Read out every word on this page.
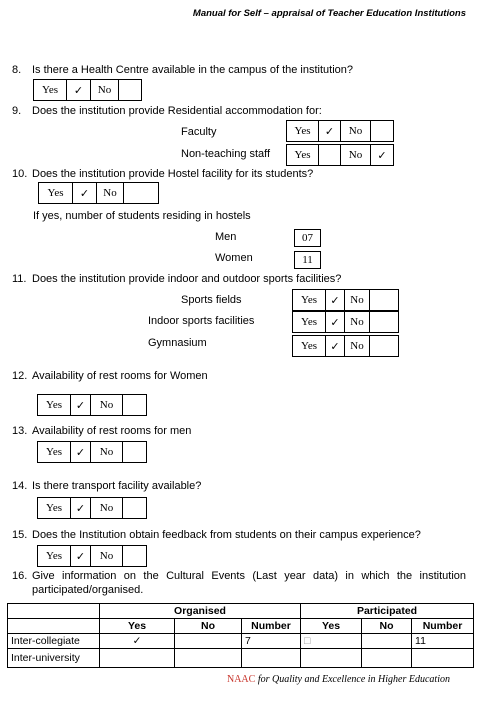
Manual for Self – appraisal of Teacher Education Institutions
8. Is there a Health Centre available in the campus of the institution?
Yes	✓	No
9. Does the institution provide Residential accommodation for:
Faculty	Yes	✓	No
Non-teaching staff	Yes	No	✓
10. Does the institution provide Hostel facility for its students?
Yes	✓	No
If yes, number of students residing in hostels
Men	07
Women	11
11. Does the institution provide indoor and outdoor sports facilities?
Sports fields	Yes	✓ No
Indoor sports facilities	Yes	✓ No
Gymnasium	Yes	✓ No
12. Availability of rest rooms for Women
Yes	✓	No
13. Availability of rest rooms for men
Yes	✓	No
14. Is there transport facility available?
Yes	✓	No
15. Does the Institution obtain feedback from students on their campus experience?
Yes	✓	No
16. Give information on the Cultural Events (Last year data) in which the institution
participated/organised.
	Organised			Participated		
	Yes	No	Number	Yes	No	Number
Inter-collegiate	✓		7	□		11
Inter-university						
NAAC for Quality and Excellence in Higher Education
